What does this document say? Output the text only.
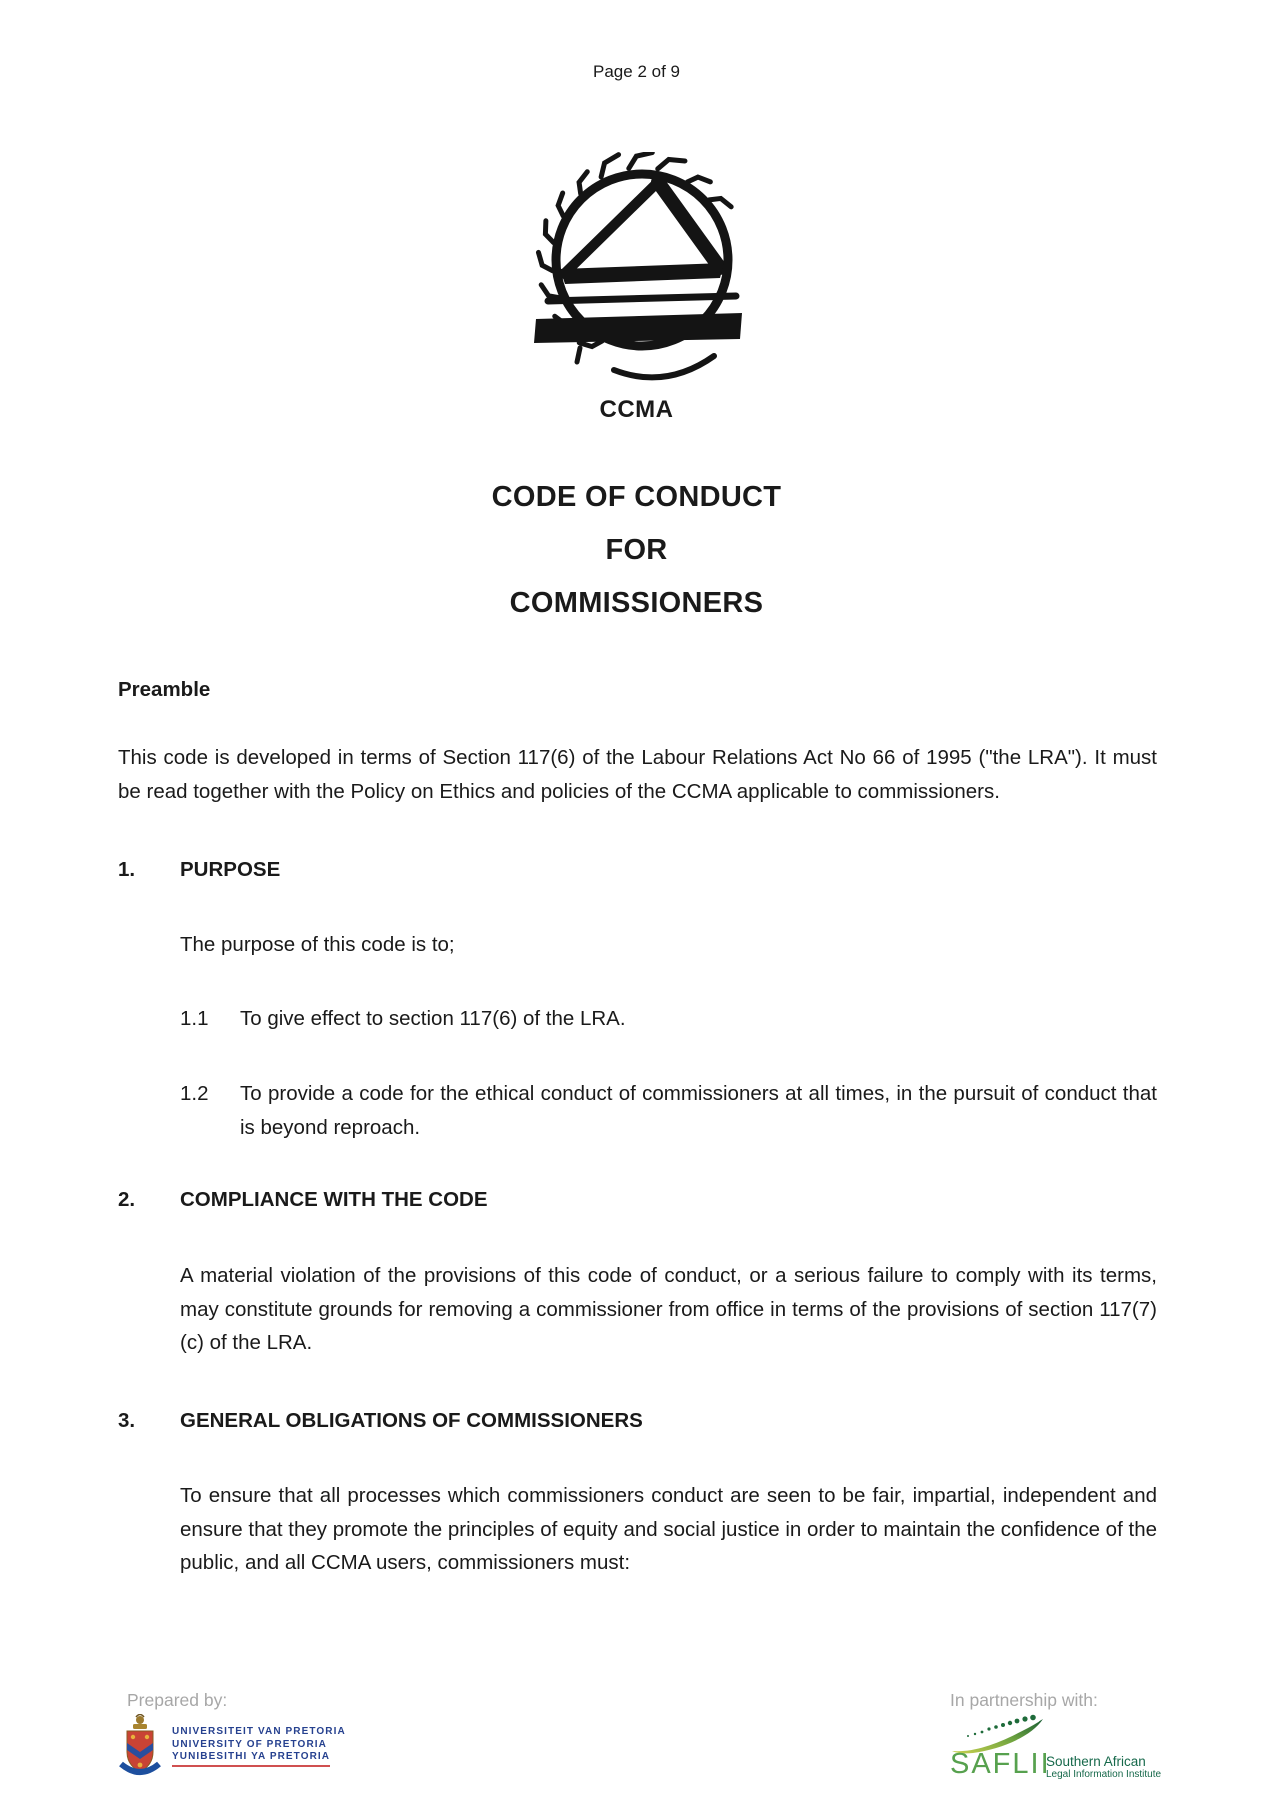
Page 2 of 9
CCMA
CODE OF CONDUCT
FOR
COMMISSIONERS
Preamble
This code is developed in terms of Section 117(6) of the Labour Relations Act No 66 of 1995 ("the LRA"). It must be read together with the Policy on Ethics and policies of the CCMA applicable to commissioners.
1.	PURPOSE
The purpose of this code is to;
1.1	To give effect to section 117(6) of the LRA.
1.2	To provide a code for the ethical conduct of commissioners at all times, in the pursuit of conduct that is beyond reproach.
2.	COMPLIANCE WITH THE CODE
A material violation of the provisions of this code of conduct, or a serious failure to comply with its terms, may constitute grounds for removing a commissioner from office in terms of the provisions of section 117(7)(c) of the LRA.
3.	GENERAL OBLIGATIONS OF COMMISSIONERS
To ensure that all processes which commissioners conduct are seen to be fair, impartial, independent and ensure that they promote the principles of equity and social justice in order to maintain the confidence of the public, and all CCMA users, commissioners must:
Prepared by:	In partnership with:
UNIVERSITEIT VAN PRETORIA
UNIVERSITY OF PRETORIA
YUNIBESITHI YA PRETORIA	SAFLII
Southern African
Legal Information Institute
